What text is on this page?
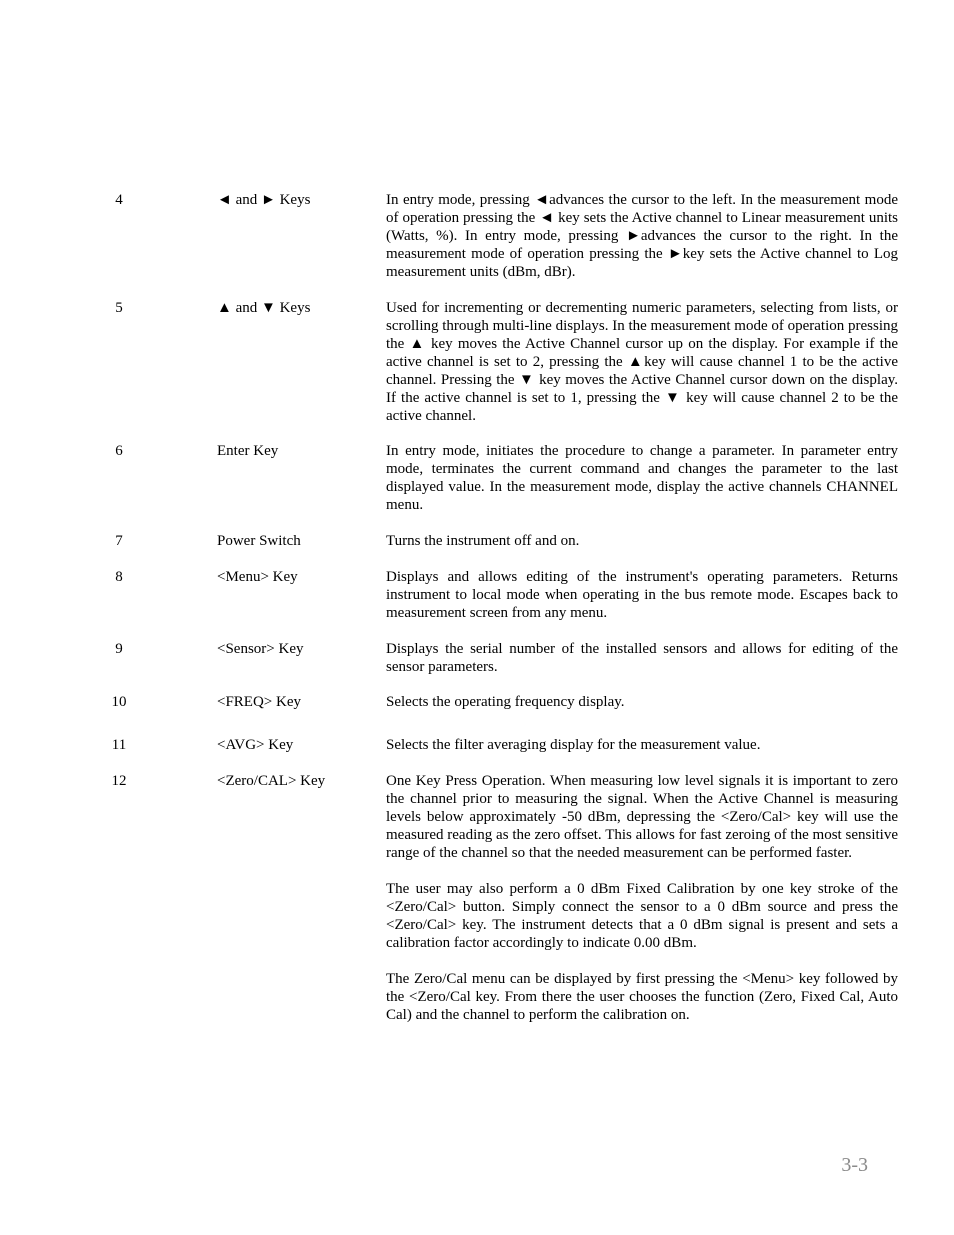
4	◄ and ► Keys	In entry mode, pressing ◄advances the cursor to the left. In the measurement mode of operation pressing the ◄ key sets the Active channel to Linear measurement units (Watts, %). In entry mode, pressing ►advances the cursor to the right. In the measurement mode of operation pressing the ►key sets the Active channel to Log measurement units (dBm, dBr).

5	▲ and ▼ Keys	Used for incrementing or decrementing numeric parameters, selecting from lists, or scrolling through multi-line displays. In the measurement mode of operation pressing the ▲ key moves the Active Channel cursor up on the display. For example if the active channel is set to 2, pressing the ▲key will cause channel 1 to be the active channel. Pressing the ▼ key moves the Active Channel cursor down on the display. If the active channel is set to 1, pressing the ▼ key will cause channel 2 to be the active channel.

6	Enter Key	In entry mode, initiates the procedure to change a parameter. In parameter entry mode, terminates the current command and changes the parameter to the last displayed value. In the measurement mode, display the active channels CHANNEL menu.

7	Power Switch	Turns the instrument off and on.

8	<Menu> Key	Displays and allows editing of the instrument's operating parameters. Returns instrument to local mode when operating in the bus remote mode. Escapes back to measurement screen from any menu.

9	<Sensor> Key	Displays the serial number of the installed sensors and allows for editing of the sensor parameters.

10	<FREQ> Key	Selects the operating frequency display.

11	<AVG> Key	Selects the filter averaging display for the measurement value.

12	<Zero/CAL> Key	One Key Press Operation. When measuring low level signals it is important to zero the channel prior to measuring the signal. When the Active Channel is measuring levels below approximately -50 dBm, depressing the <Zero/Cal> key will use the measured reading as the zero offset. This allows for fast zeroing of the most sensitive range of the channel so that the needed measurement can be performed faster.

The user may also perform a 0 dBm Fixed Calibration by one key stroke of the <Zero/Cal> button. Simply connect the sensor to a 0 dBm source and press the <Zero/Cal> key. The instrument detects that a 0 dBm signal is present and sets a calibration factor accordingly to indicate 0.00 dBm.

The Zero/Cal menu can be displayed by first pressing the <Menu> key followed by the <Zero/Cal key. From there the user chooses the function (Zero, Fixed Cal, Auto Cal) and the channel to perform the calibration on.

3-3
